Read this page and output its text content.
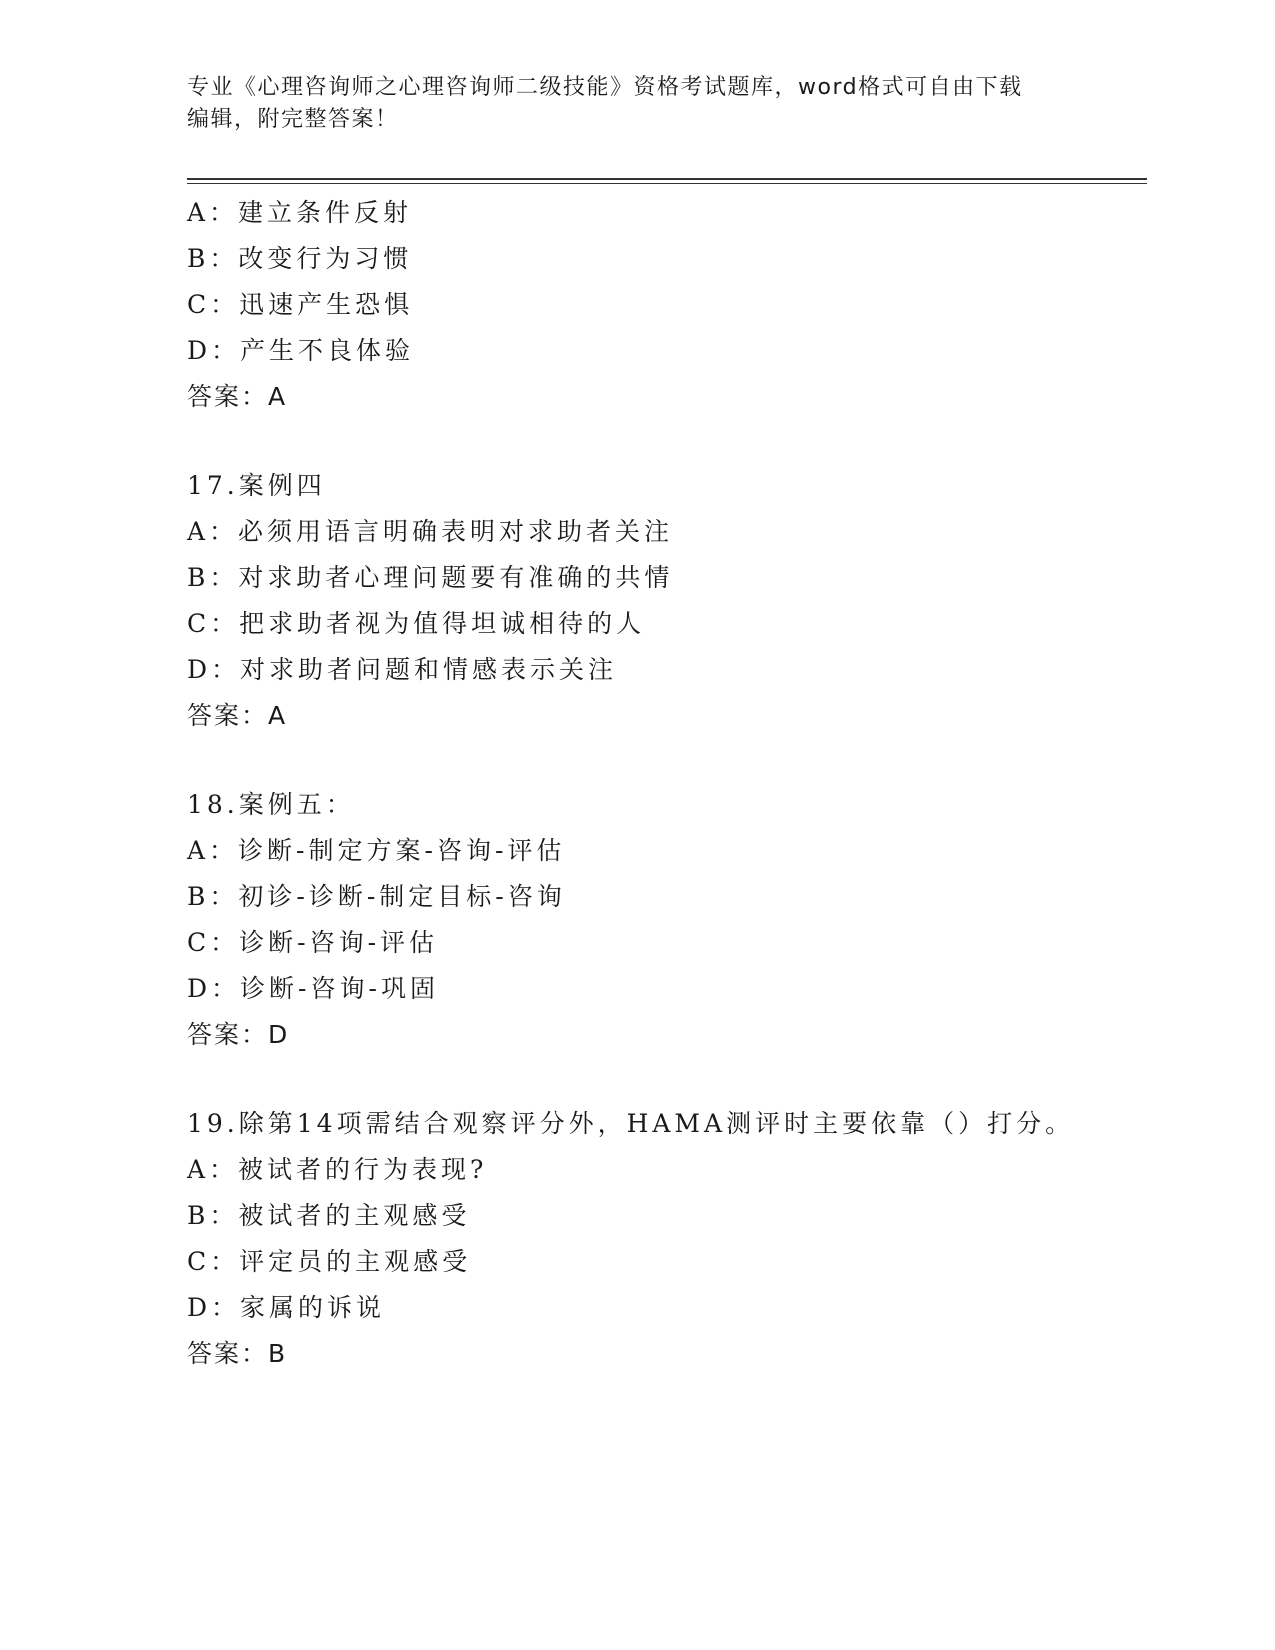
专业《心理咨询师之心理咨询师二级技能》资格考试题库，word格式可自由下载
编辑，附完整答案！
A：建立条件反射
B：改变行为习惯
C：迅速产生恐惧
D：产生不良体验
答案：A
17.案例四
A：必须用语言明确表明对求助者关注
B：对求助者心理问题要有准确的共情
C：把求助者视为值得坦诚相待的人
D：对求助者问题和情感表示关注
答案：A
18.案例五：
A：诊断-制定方案-咨询-评估
B：初诊-诊断-制定目标-咨询
C：诊断-咨询-评估
D：诊断-咨询-巩固
答案：D
19.除第14项需结合观察评分外，HAMA测评时主要依靠（）打分。
A：被试者的行为表现?
B：被试者的主观感受
C：评定员的主观感受
D：家属的诉说
答案：B
